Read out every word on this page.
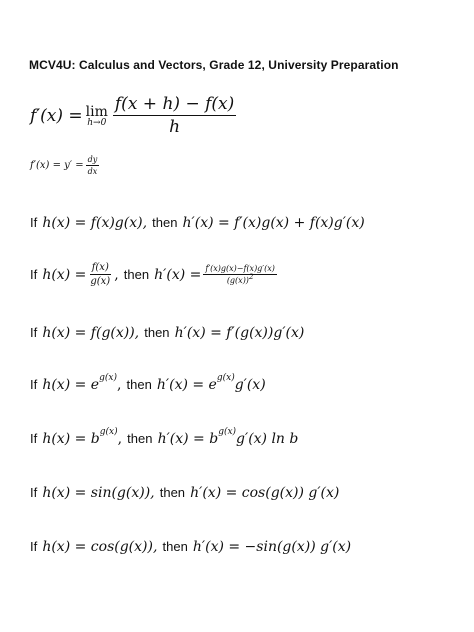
MCV4U: Calculus and Vectors, Grade 12, University Preparation
f′(x) = lim
$h\to 0 \frac{f(x + h) - f(x)}{h}$
$f'(x) = y' = \frac{dy}{dx}$
If
h(x) = f(x)g(x),
then
h′(x) = f′(x)g(x) + f(x)g′(x)
If
$h(x) = \frac{f(x)}{g(x)}$ ,
then
$h'(x) = \frac{f'(x)g(x)-f(x)g'(x)}{(g(x))2}$
If
h(x) = f(g(x)),
then
h′(x) = f′(g(x))g′(x)
If
h(x) = e g(x) ,
then
h′(x) = e g(x) g′(x)
If
h(x) = b g(x) ,
then
h′(x) = b g(x) g′(x) ln b
If
h(x) = sin(g(x)),
then
h′(x) = cos(g(x)) g′(x)
If
h(x) = cos(g(x)),
then
h′(x) = −sin(g(x)) g′(x)
